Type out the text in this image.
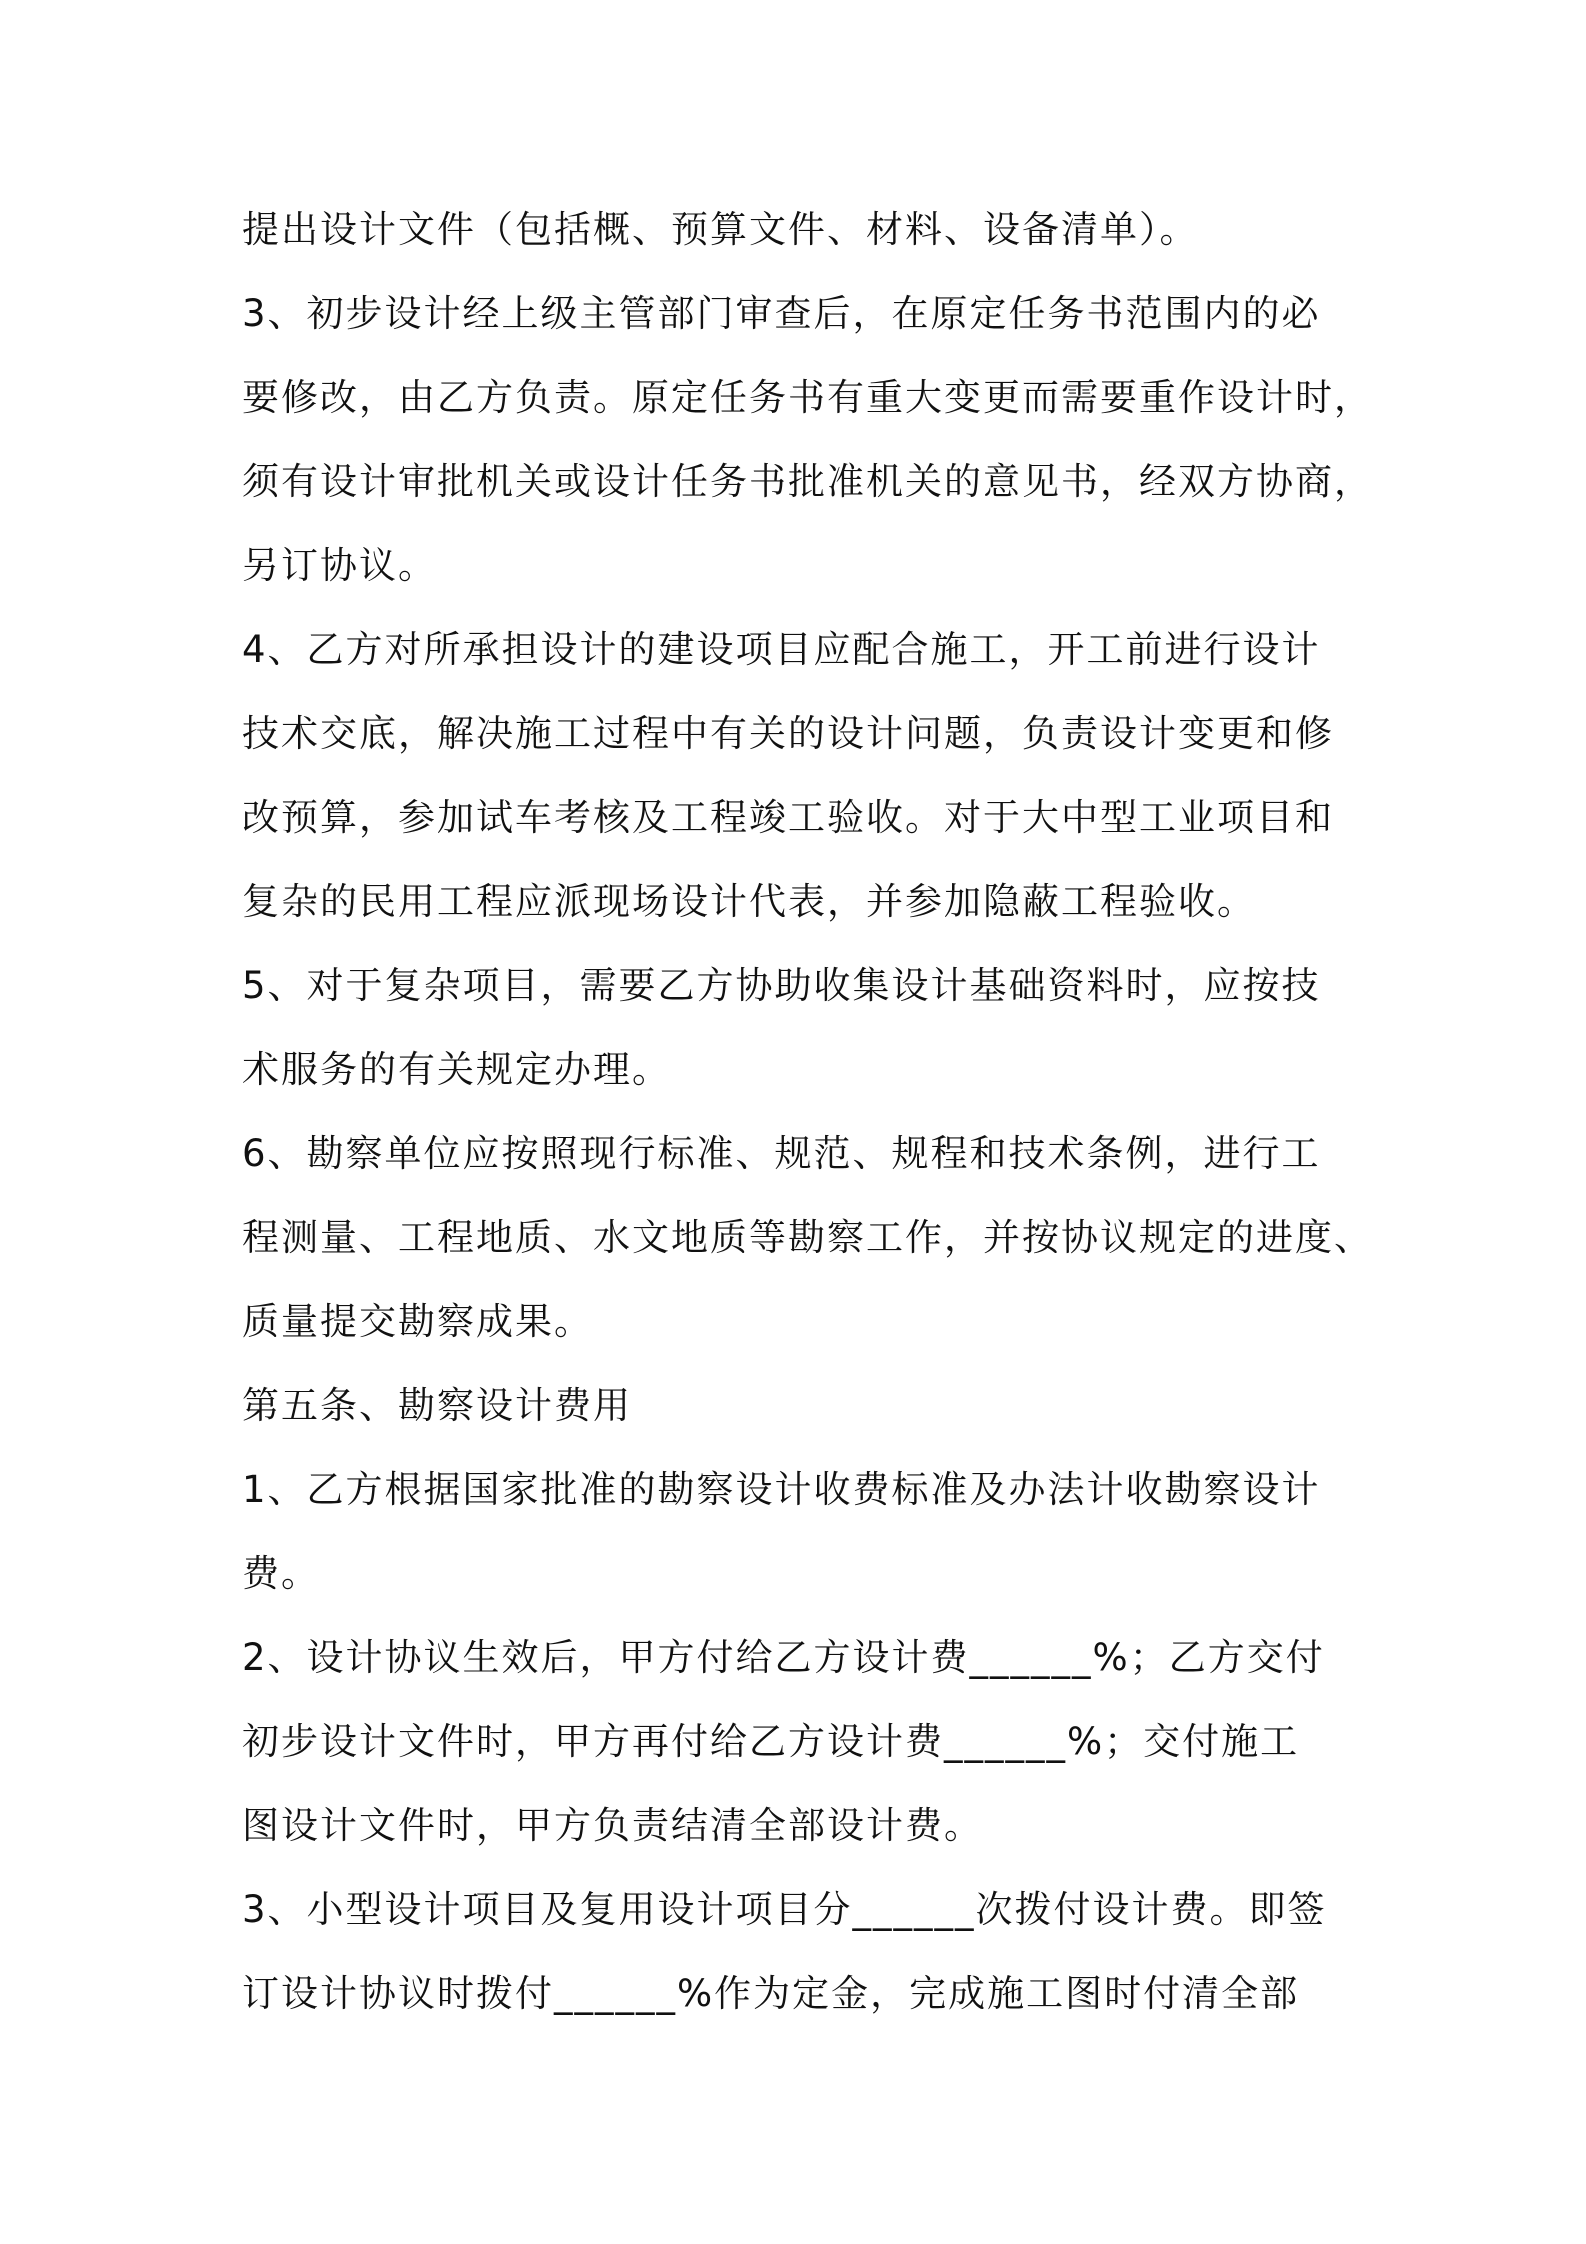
提出设计文件（包括概、预算文件、材料、设备清单）。
3、初步设计经上级主管部门审查后，在原定任务书范围内的必
要修改，由乙方负责。原定任务书有重大变更而需要重作设计时，
须有设计审批机关或设计任务书批准机关的意见书，经双方协商，
另订协议。
4、乙方对所承担设计的建设项目应配合施工，开工前进行设计
技术交底，解决施工过程中有关的设计问题，负责设计变更和修
改预算，参加试车考核及工程竣工验收。对于大中型工业项目和
复杂的民用工程应派现场设计代表，并参加隐蔽工程验收。
5、对于复杂项目，需要乙方协助收集设计基础资料时，应按技
术服务的有关规定办理。
6、勘察单位应按照现行标准、规范、规程和技术条例，进行工
程测量、工程地质、水文地质等勘察工作，并按协议规定的进度、
质量提交勘察成果。
第五条、勘察设计费用
1、乙方根据国家批准的勘察设计收费标准及办法计收勘察设计
费。
2、设计协议生效后，甲方付给乙方设计费______%；乙方交付
初步设计文件时，甲方再付给乙方设计费______%；交付施工
图设计文件时，甲方负责结清全部设计费。
3、小型设计项目及复用设计项目分______次拨付设计费。即签
订设计协议时拨付______%作为定金，完成施工图时付清全部
